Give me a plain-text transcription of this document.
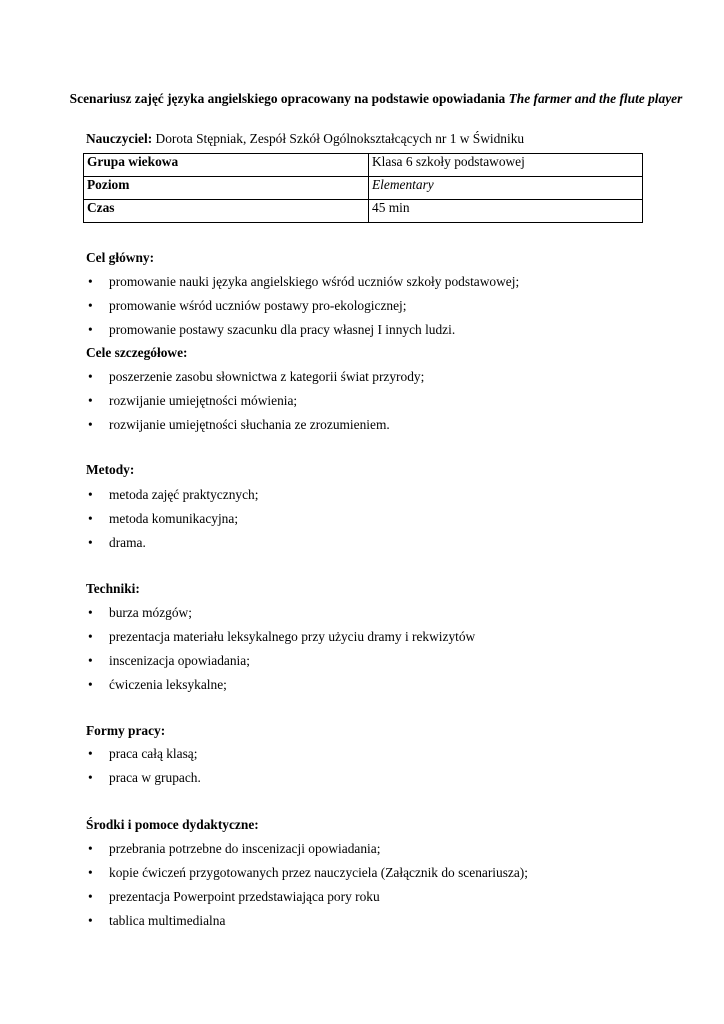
Scenariusz zajęć języka angielskiego opracowany na podstawie opowiadania The farmer and the flute player
Nauczyciel: Dorota Stępniak, Zespół Szkół Ogólnokształcących nr 1 w Świdniku
Grupa wiekowa	Klasa 6 szkoły podstawowej
Poziom	Elementary
Czas	45 min
Cel główny:
•promowanie nauki języka angielskiego wśród uczniów szkoły podstawowej;
•promowanie wśród uczniów postawy pro-ekologicznej;
•promowanie postawy szacunku dla pracy własnej I innych ludzi.
Cele szczegółowe:
•poszerzenie zasobu słownictwa z kategorii świat przyrody;
•rozwijanie umiejętności mówienia;
•rozwijanie umiejętności słuchania ze zrozumieniem.
Metody:
•metoda zajęć praktycznych;
•metoda komunikacyjna;
•drama.
Techniki:
•burza mózgów;
•prezentacja materiału leksykalnego przy użyciu dramy i rekwizytów
•inscenizacja opowiadania;
•ćwiczenia leksykalne;
Formy pracy:
•praca całą klasą;
•praca w grupach.
Środki i pomoce dydaktyczne:
•przebrania potrzebne do inscenizacji opowiadania;
•kopie ćwiczeń przygotowanych przez nauczyciela (Załącznik do scenariusza);
•prezentacja Powerpoint przedstawiająca pory roku
•tablica multimedialna
